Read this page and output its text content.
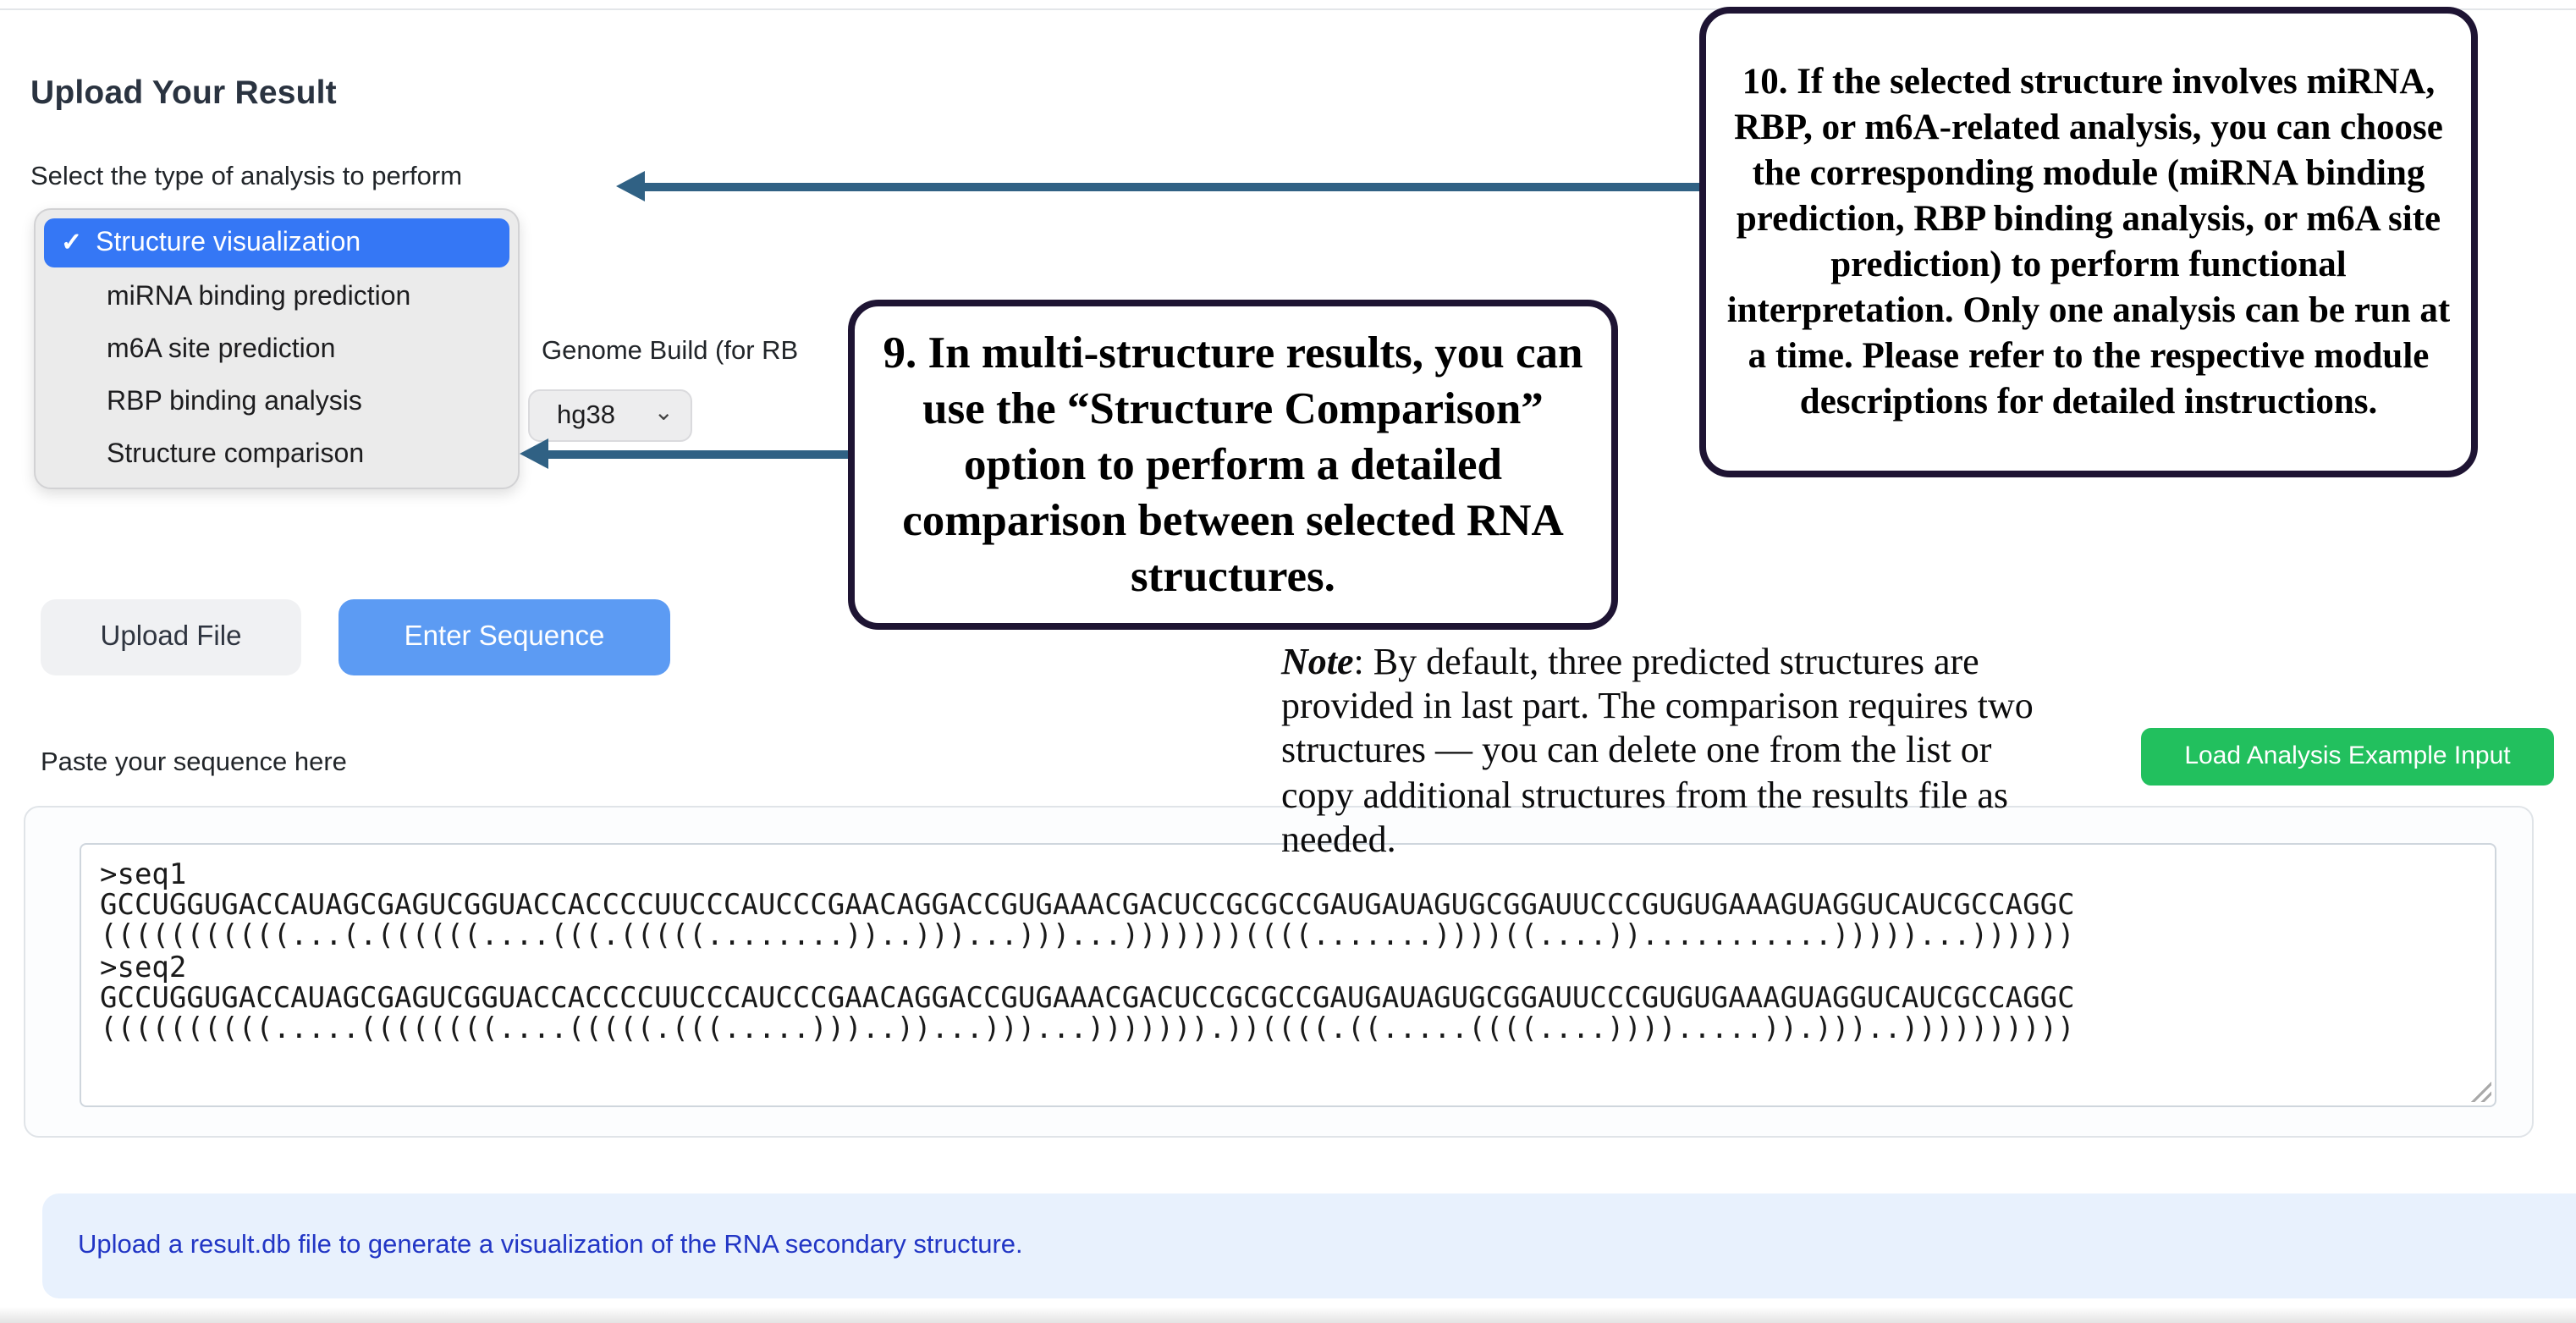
Upload Your Result
Select the type of analysis to perform
✓ Structure visualization
miRNA binding prediction
m6A site prediction
RBP binding analysis
Structure comparison
Genome Build (for RB
hg38	⌄
9. In multi-structure results, you can use the “Structure Comparison” option to perform a detailed comparison between selected RNA structures.
10. If the selected structure involves miRNA, RBP, or m6A-related analysis, you can choose the corresponding module (miRNA binding prediction, RBP binding analysis, or m6A site prediction) to perform functional interpretation. Only one analysis can be run at a time. Please refer to the respective module descriptions for detailed instructions.
Upload File	Enter Sequence
Paste your sequence here	Load Analysis Example Input
>seq1 GCCUGGUGACCAUAGCGAGUCGGUACCACCCCUUCCCAUCCCGAACAGGACCGUGAAACGACUCCGCGCCGAUGAUAGUGCGGAUUCCCGUGUGAAAGUAGGUCAUCGCCAGGC (((((((((((...(.((((((....(((.(((((........))..)))...)))...)))))))((((.......))))((....))...........)))))...)))))) >seq2 GCCUGGUGACCAUAGCGAGUCGGUACCACCCCUUCCCAUCCCGAACAGGACCGUGAAACGACUCCGCGCCGAUGAUAGUGCGGAUUCCCGUGUGAAAGUAGGUCAUCGCCAGGC ((((((((((.....((((((((....(((((.(((.....)))..))...)))...))))))).))((((.((.....((((....)))).....)).)))..))))))))))
Note: By default, three predicted structures are provided in last part. The comparison requires two structures — you can delete one from the list or copy additional structures from the results file as needed.
Upload a result.db file to generate a visualization of the RNA secondary structure.
